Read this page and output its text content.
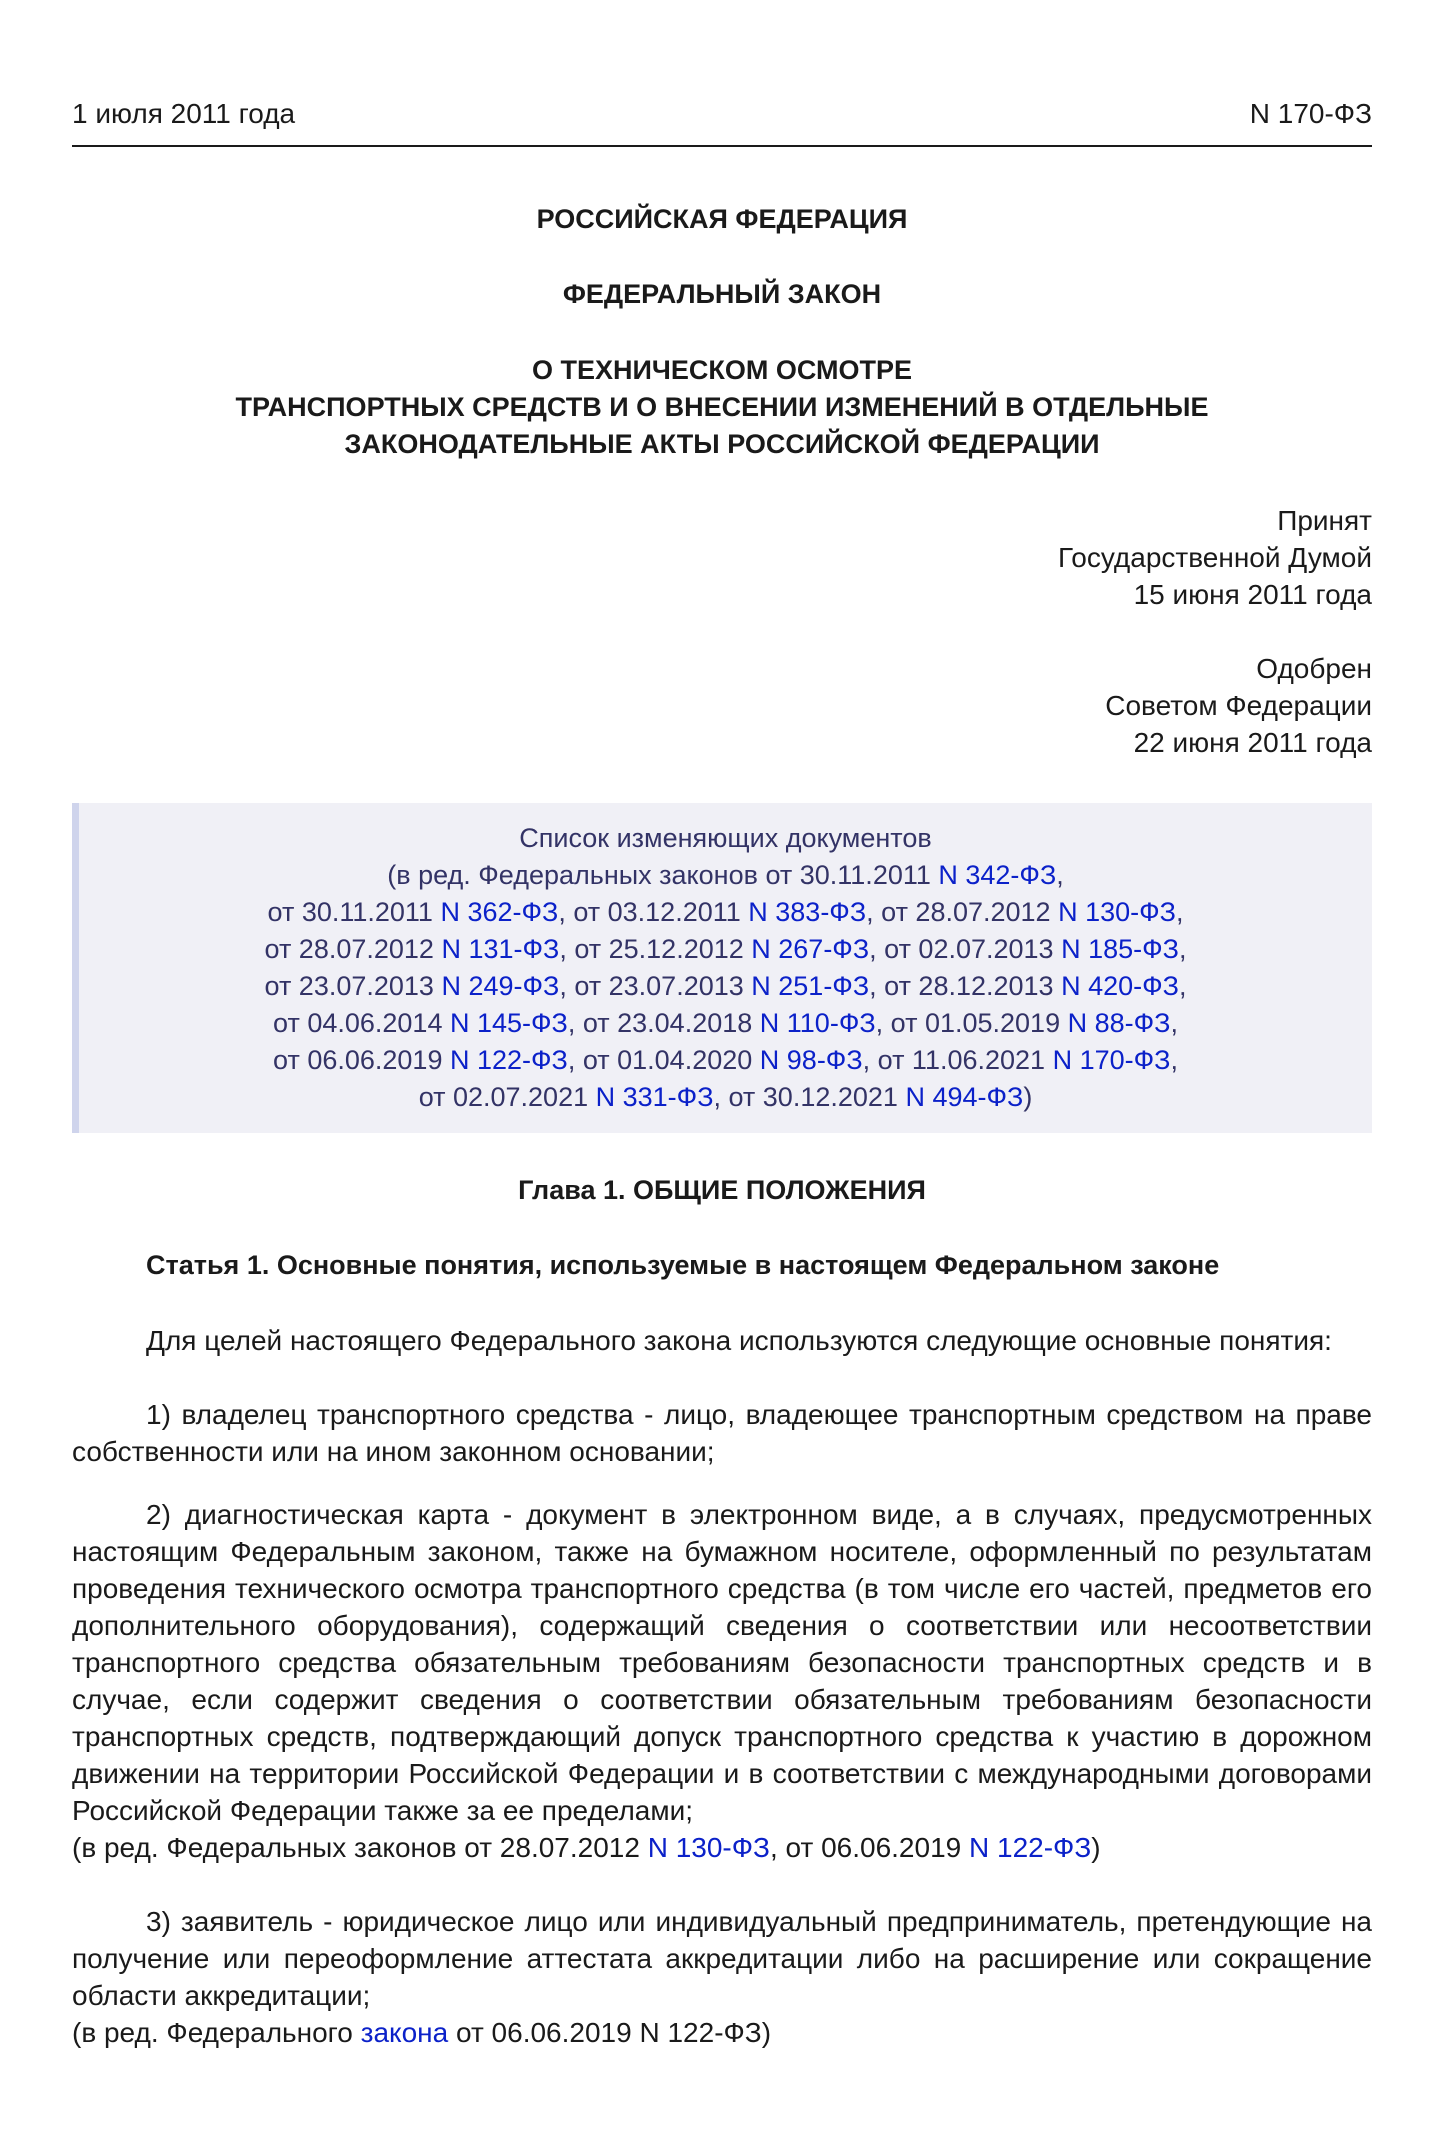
1 июля 2011 года	N 170-ФЗ
РОССИЙСКАЯ ФЕДЕРАЦИЯ
ФЕДЕРАЛЬНЫЙ ЗАКОН
О ТЕХНИЧЕСКОМ ОСМОТРЕ
ТРАНСПОРТНЫХ СРЕДСТВ И О ВНЕСЕНИИ ИЗМЕНЕНИЙ В ОТДЕЛЬНЫЕ
ЗАКОНОДАТЕЛЬНЫЕ АКТЫ РОССИЙСКОЙ ФЕДЕРАЦИИ
Принят
Государственной Думой
15 июня 2011 года
Одобрен
Советом Федерации
22 июня 2011 года
Список изменяющих документов
(в ред. Федеральных законов от 30.11.2011 N 342-ФЗ,
от 30.11.2011 N 362-ФЗ, от 03.12.2011 N 383-ФЗ, от 28.07.2012 N 130-ФЗ,
от 28.07.2012 N 131-ФЗ, от 25.12.2012 N 267-ФЗ, от 02.07.2013 N 185-ФЗ,
от 23.07.2013 N 249-ФЗ, от 23.07.2013 N 251-ФЗ, от 28.12.2013 N 420-ФЗ,
от 04.06.2014 N 145-ФЗ, от 23.04.2018 N 110-ФЗ, от 01.05.2019 N 88-ФЗ,
от 06.06.2019 N 122-ФЗ, от 01.04.2020 N 98-ФЗ, от 11.06.2021 N 170-ФЗ,
от 02.07.2021 N 331-ФЗ, от 30.12.2021 N 494-ФЗ)
Глава 1. ОБЩИЕ ПОЛОЖЕНИЯ
Статья 1. Основные понятия, используемые в настоящем Федеральном законе
Для целей настоящего Федерального закона используются следующие основные понятия:
1) владелец транспортного средства - лицо, владеющее транспортным средством на праве собственности или на ином законном основании;
2) диагностическая карта - документ в электронном виде, а в случаях, предусмотренных настоящим Федеральным законом, также на бумажном носителе, оформленный по результатам проведения технического осмотра транспортного средства (в том числе его частей, предметов его дополнительного оборудования), содержащий сведения о соответствии или несоответствии транспортного средства обязательным требованиям безопасности транспортных средств и в случае, если содержит сведения о соответствии обязательным требованиям безопасности транспортных средств, подтверждающий допуск транспортного средства к участию в дорожном движении на территории Российской Федерации и в соответствии с международными договорами Российской Федерации также за ее пределами;
(в ред. Федеральных законов от 28.07.2012 N 130-ФЗ, от 06.06.2019 N 122-ФЗ)
3) заявитель - юридическое лицо или индивидуальный предприниматель, претендующие на получение или переоформление аттестата аккредитации либо на расширение или сокращение области аккредитации;
(в ред. Федерального закона от 06.06.2019 N 122-ФЗ)
